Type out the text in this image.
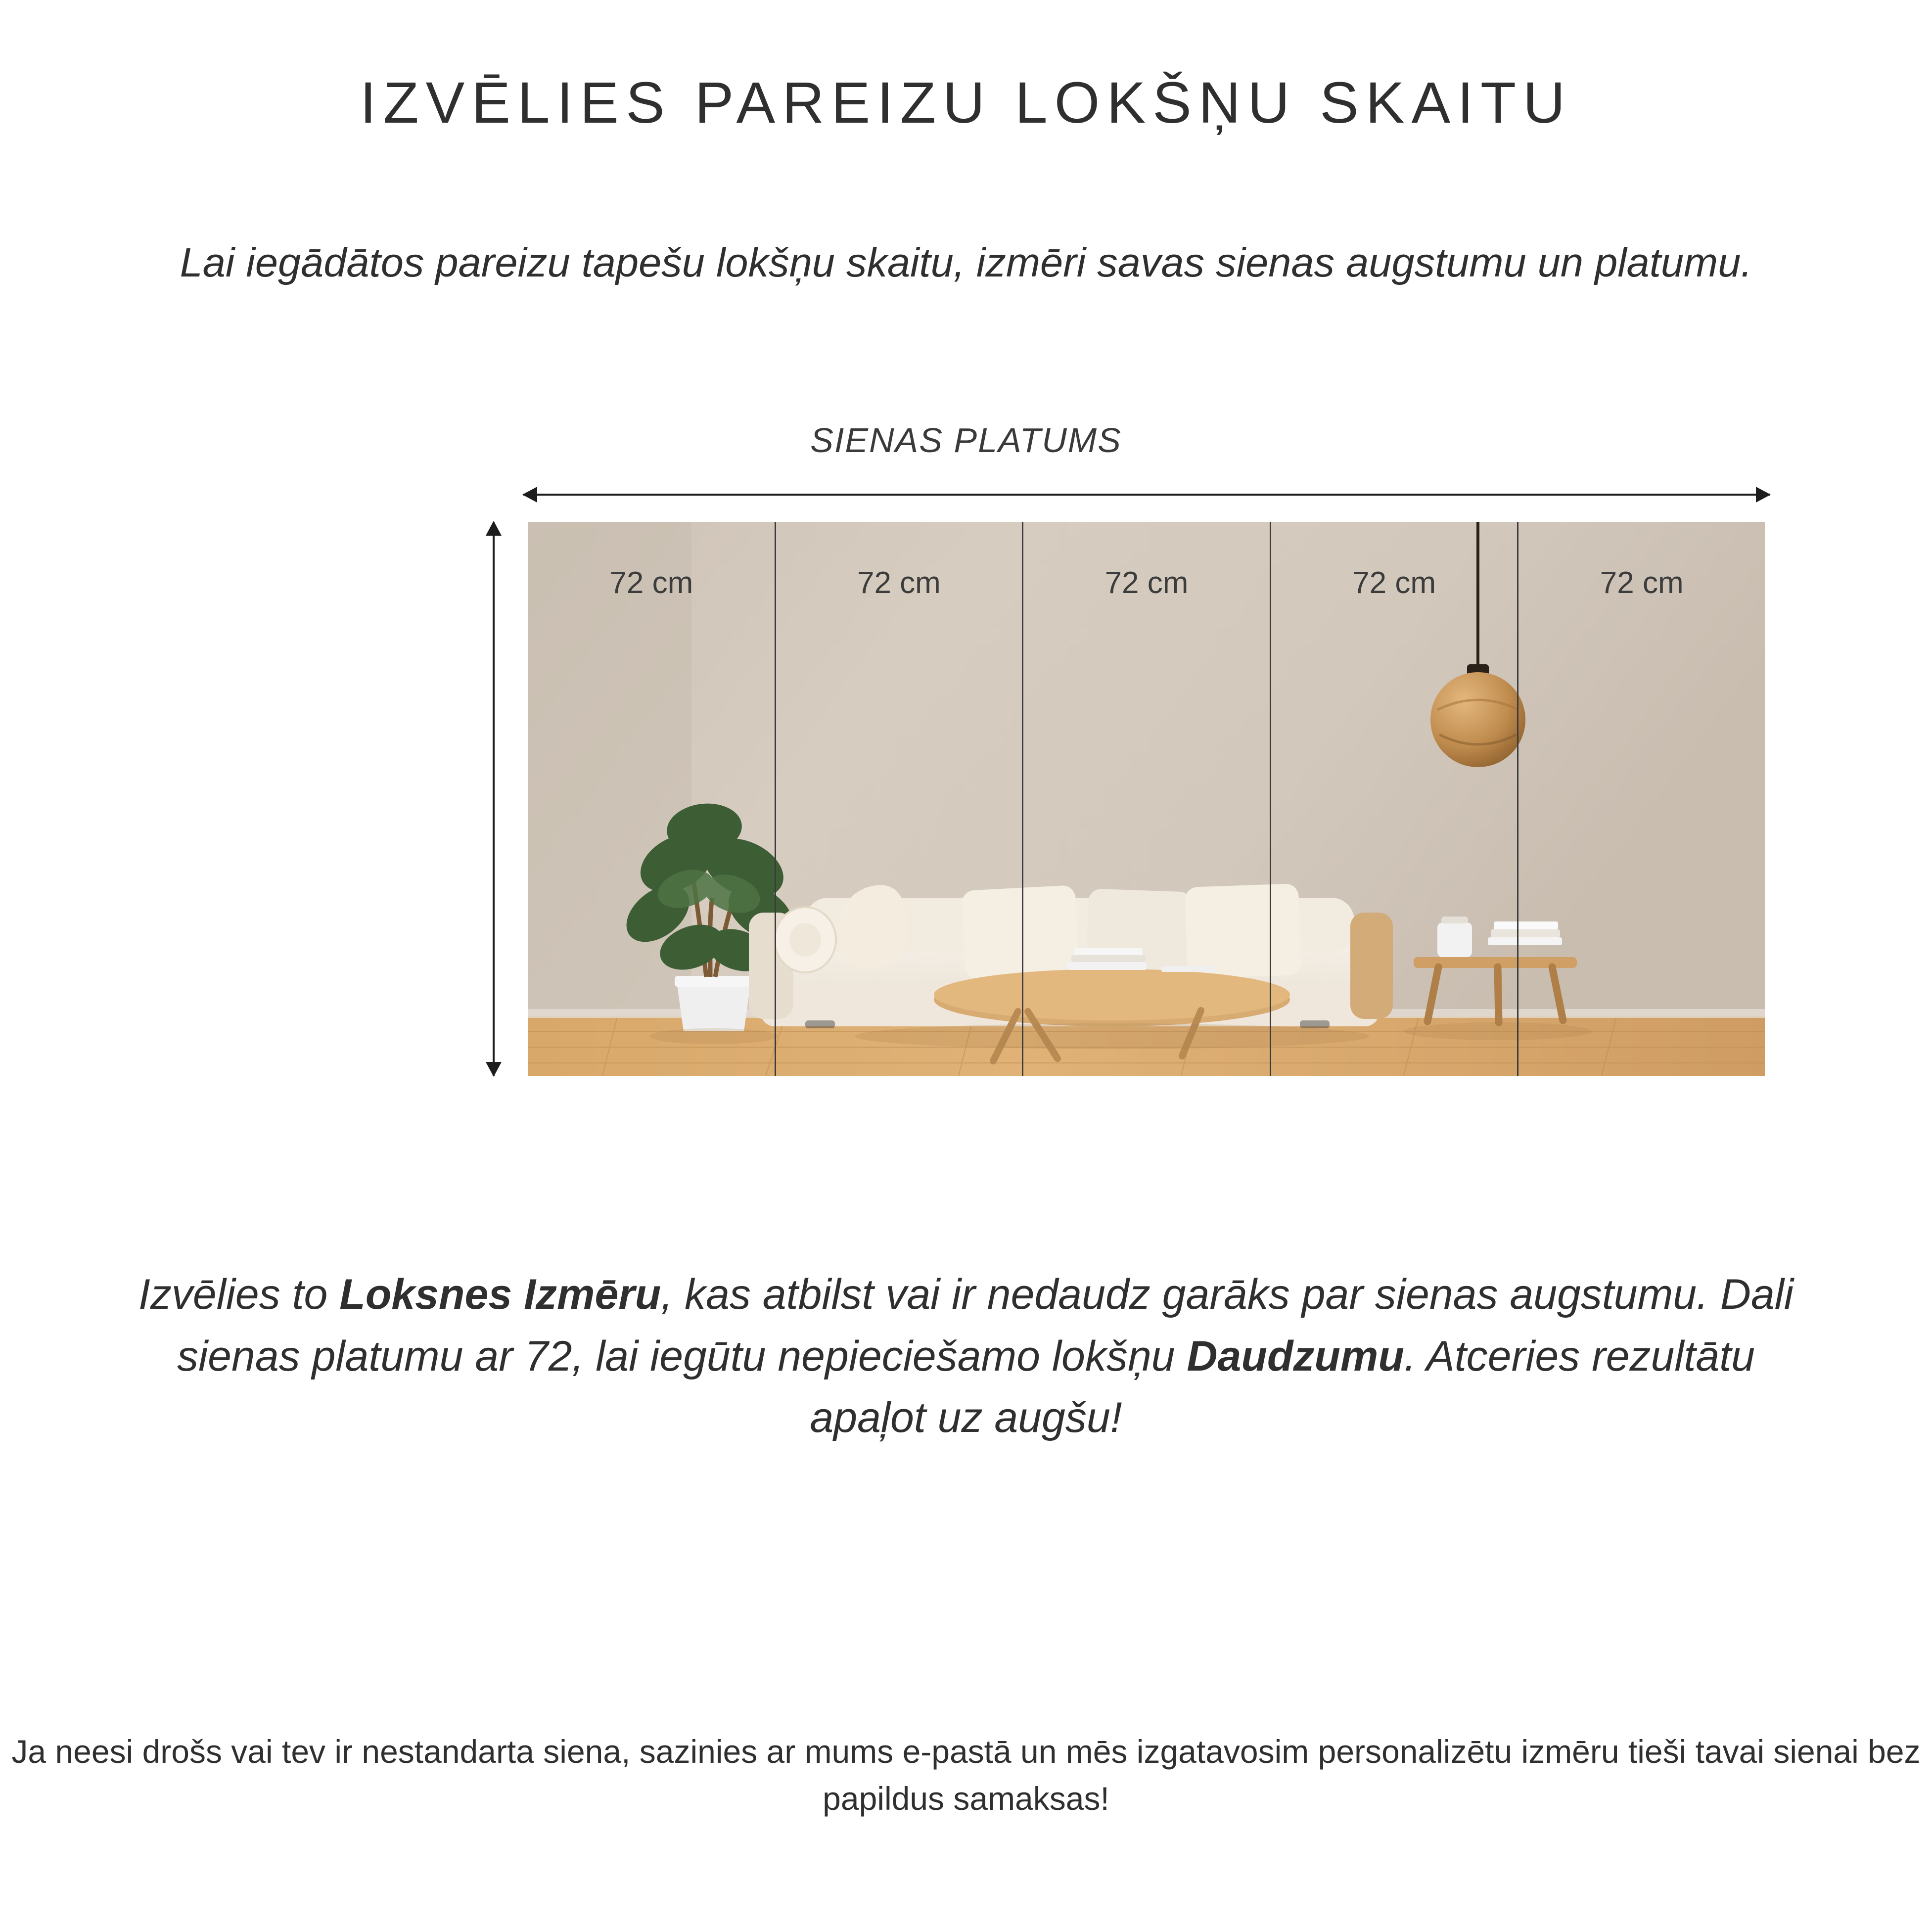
IZVĒLIES PAREIZU LOKŠŅU SKAITU

Lai iegādātos pareizu tapešu lokšņu skaitu, izmēri savas sienas augstumu un platumu.

SIENAS PLATUMS
72 cm	72 cm	72 cm	72 cm	72 cm

Izvēlies to Loksnes Izmēru, kas atbilst vai ir nedaudz garāks par sienas augstumu. Dali sienas platumu ar 72, lai iegūtu nepieciešamo lokšņu Daudzumu. Atceries rezultātu apaļot uz augšu!

Ja neesi drošs vai tev ir nestandarta siena, sazinies ar mums e-pastā un mēs izgatavosim personalizētu izmēru tieši tavai sienai bez papildus samaksas!
